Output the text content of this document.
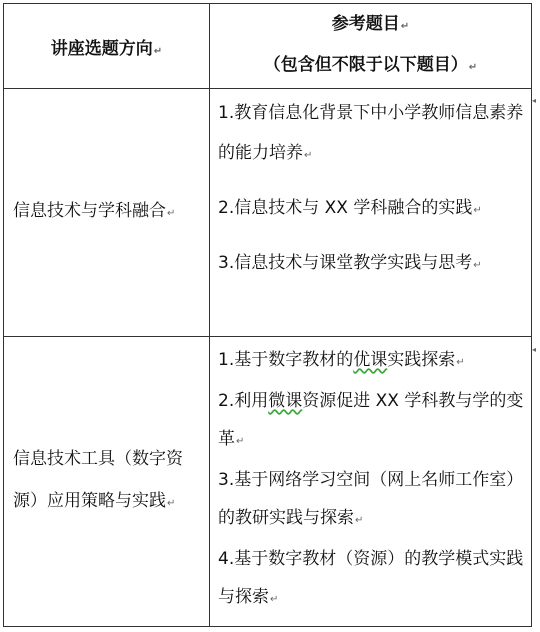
讲座选题方向↵	参考题目↵
（包含但不限于以下题目）↵

信息技术与学科融合↵	1.教育信息化背景下中小学教师信息素养的能力培养↵
2.信息技术与 XX 学科融合的实践↵
3.信息技术与课堂教学实践与思考↵

信息技术工具（数字资源）应用策略与实践↵	1.基于数字教材的优课实践探索↵
2.利用微课资源促进 XX 学科教与学的变革↵
3.基于网络学习空间（网上名师工作室）的教研实践与探索↵
4.基于数字教材（资源）的教学模式实践与探索↵
◂
◂
